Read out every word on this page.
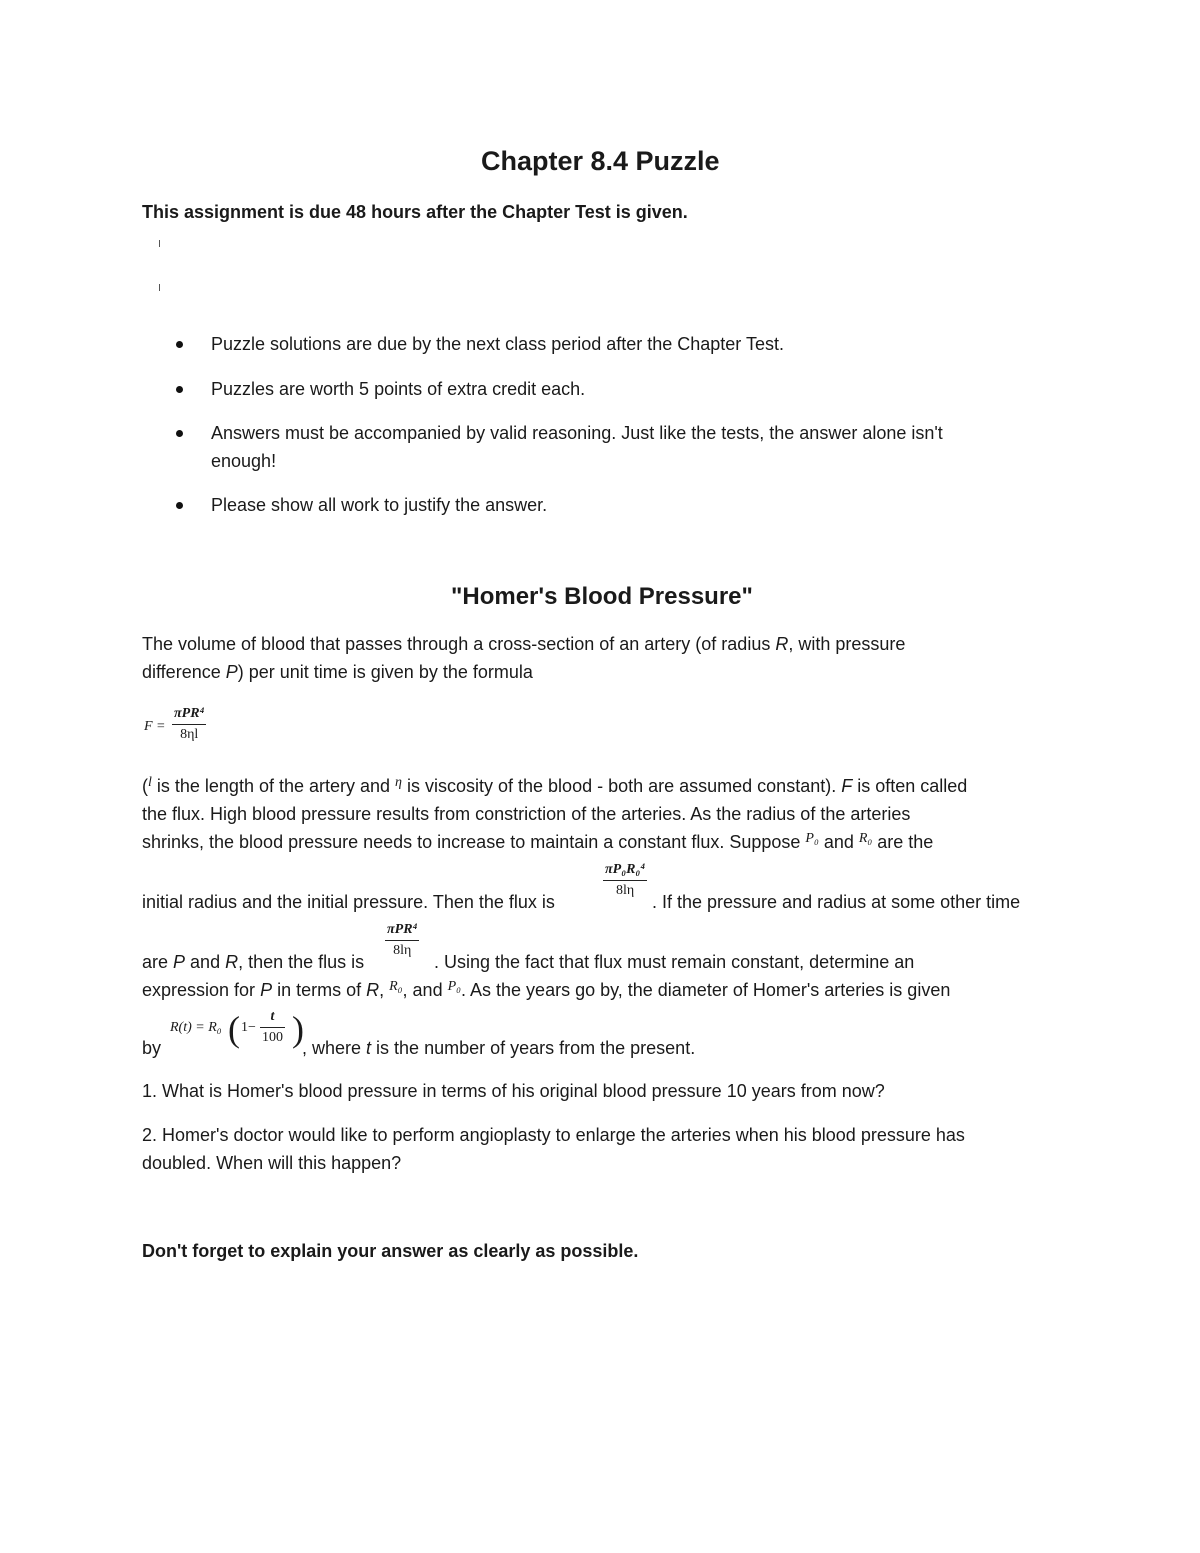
Chapter 8.4 Puzzle
This assignment is due 48 hours after the Chapter Test is given.
Puzzle solutions are due by the next class period after the Chapter Test.
Puzzles are worth 5 points of extra credit each.
Answers must be accompanied by valid reasoning. Just like the tests, the answer alone isn't
enough!
Please show all work to justify the answer.
"Homer's Blood Pressure"
The volume of blood that passes through a cross-section of an artery (of radius R, with pressure
difference P) per unit time is given by the formula
F =
πPR⁴
8ηl
($^l$ is the length of the artery and $^\eta$ is viscosity of the blood - both are assumed constant). F is often called
the flux. High blood pressure results from constriction of the arteries. As the radius of the arteries
shrinks, the blood pressure needs to increase to maintain a constant flux. Suppose $^{P_0}$ and $^{R_0}$ are the
πP₀R₀⁴
8lη
initial radius and the initial pressure. Then the flux is	. If the pressure and radius at some other time
πPR⁴
8lη
are P and R, then the flus is	. Using the fact that flux must remain constant, determine an
expression for P in terms of R, $^{R_0}$, and $^{P_0}$. As the years go by, the diameter of Homer's arteries is given
R(t) = R₀ ( 1−
t
100 )
by	, where t is the number of years from the present.
1. What is Homer's blood pressure in terms of his original blood pressure 10 years from now?
2. Homer's doctor would like to perform angioplasty to enlarge the arteries when his blood pressure has
doubled. When will this happen?
Don't forget to explain your answer as clearly as possible.
